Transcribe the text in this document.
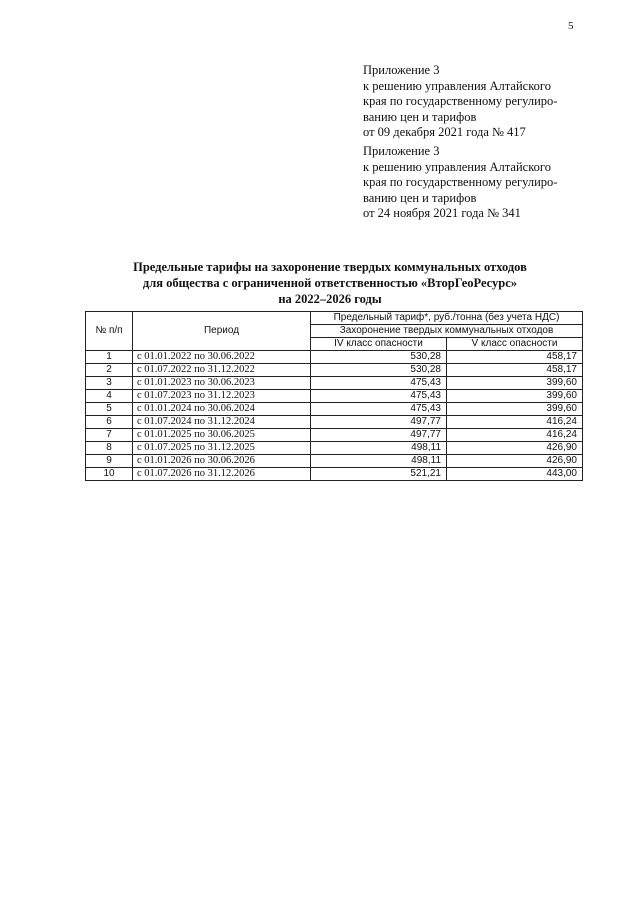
5
Приложение 3
к решению управления Алтайского
края по государственному регулиро-
ванию цен и тарифов
от 09 декабря 2021 года № 417
Приложение 3
к решению управления Алтайского
края по государственному регулиро-
ванию цен и тарифов
от 24 ноября 2021 года № 341
Предельные тарифы на захоронение твердых коммунальных отходов
для общества с ограниченной ответственностью «ВторГеоРесурс»
на 2022–2026 годы
№ п/п	Период	Предельный тариф*, руб./тонна (без учета НДС)	
		Захоронение твердых коммунальных отходов	
		IV класс опасности	V класс опасности
1	с 01.01.2022 по 30.06.2022	530,28	458,17
2	с 01.07.2022 по 31.12.2022	530,28	458,17
3	с 01.01.2023 по 30.06.2023	475,43	399,60
4	с 01.07.2023 по 31.12.2023	475,43	399,60
5	с 01.01.2024 по 30.06.2024	475,43	399,60
6	с 01.07.2024 по 31.12.2024	497,77	416,24
7	с 01.01.2025 по 30.06.2025	497,77	416,24
8	с 01.07.2025 по 31.12.2025	498,11	426,90
9	с 01.01.2026 по 30.06.2026	498,11	426,90
10	с 01.07.2026 по 31.12.2026	521,21	443,00
